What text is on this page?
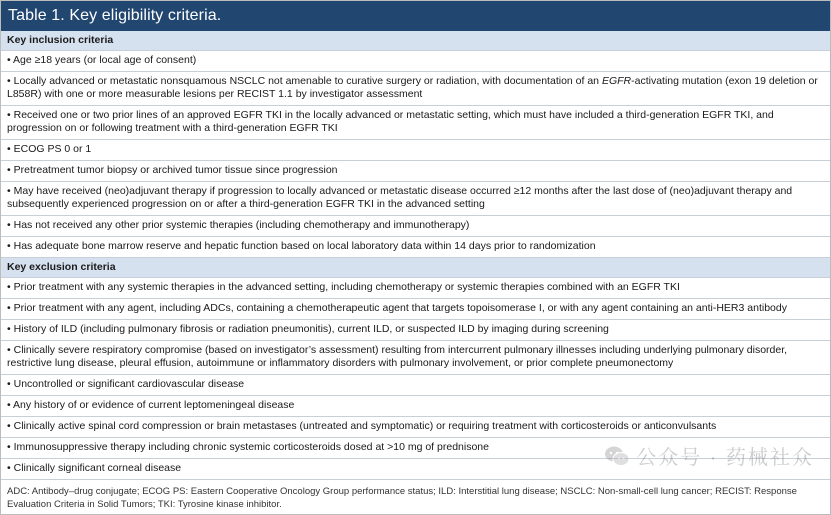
Table 1. Key eligibility criteria.
Key inclusion criteria
• Age ≥18 years (or local age of consent)
• Locally advanced or metastatic nonsquamous NSCLC not amenable to curative surgery or radiation, with documentation of an EGFR-activating mutation (exon 19 deletion or L858R) with one or more measurable lesions per RECIST 1.1 by investigator assessment
• Received one or two prior lines of an approved EGFR TKI in the locally advanced or metastatic setting, which must have included a third-generation EGFR TKI, and progression on or following treatment with a third-generation EGFR TKI
• ECOG PS 0 or 1
• Pretreatment tumor biopsy or archived tumor tissue since progression
• May have received (neo)adjuvant therapy if progression to locally advanced or metastatic disease occurred ≥12 months after the last dose of (neo)adjuvant therapy and subsequently experienced progression on or after a third-generation EGFR TKI in the advanced setting
• Has not received any other prior systemic therapies (including chemotherapy and immunotherapy)
• Has adequate bone marrow reserve and hepatic function based on local laboratory data within 14 days prior to randomization
Key exclusion criteria
• Prior treatment with any systemic therapies in the advanced setting, including chemotherapy or systemic therapies combined with an EGFR TKI
• Prior treatment with any agent, including ADCs, containing a chemotherapeutic agent that targets topoisomerase I, or with any agent containing an anti-HER3 antibody
• History of ILD (including pulmonary fibrosis or radiation pneumonitis), current ILD, or suspected ILD by imaging during screening
• Clinically severe respiratory compromise (based on investigator’s assessment) resulting from intercurrent pulmonary illnesses including underlying pulmonary disorder, restrictive lung disease, pleural effusion, autoimmune or inflammatory disorders with pulmonary involvement, or prior complete pneumonectomy
• Uncontrolled or significant cardiovascular disease
• Any history of or evidence of current leptomeningeal disease
• Clinically active spinal cord compression or brain metastases (untreated and symptomatic) or requiring treatment with corticosteroids or anticonvulsants
• Immunosuppressive therapy including chronic systemic corticosteroids dosed at >10 mg of prednisone
• Clinically significant corneal disease
ADC: Antibody–drug conjugate; ECOG PS: Eastern Cooperative Oncology Group performance status; ILD: Interstitial lung disease; NSCLC: Non-small-cell lung cancer; RECIST: Response Evaluation Criteria in Solid Tumors; TKI: Tyrosine kinase inhibitor.
公众号 · 药械社众
